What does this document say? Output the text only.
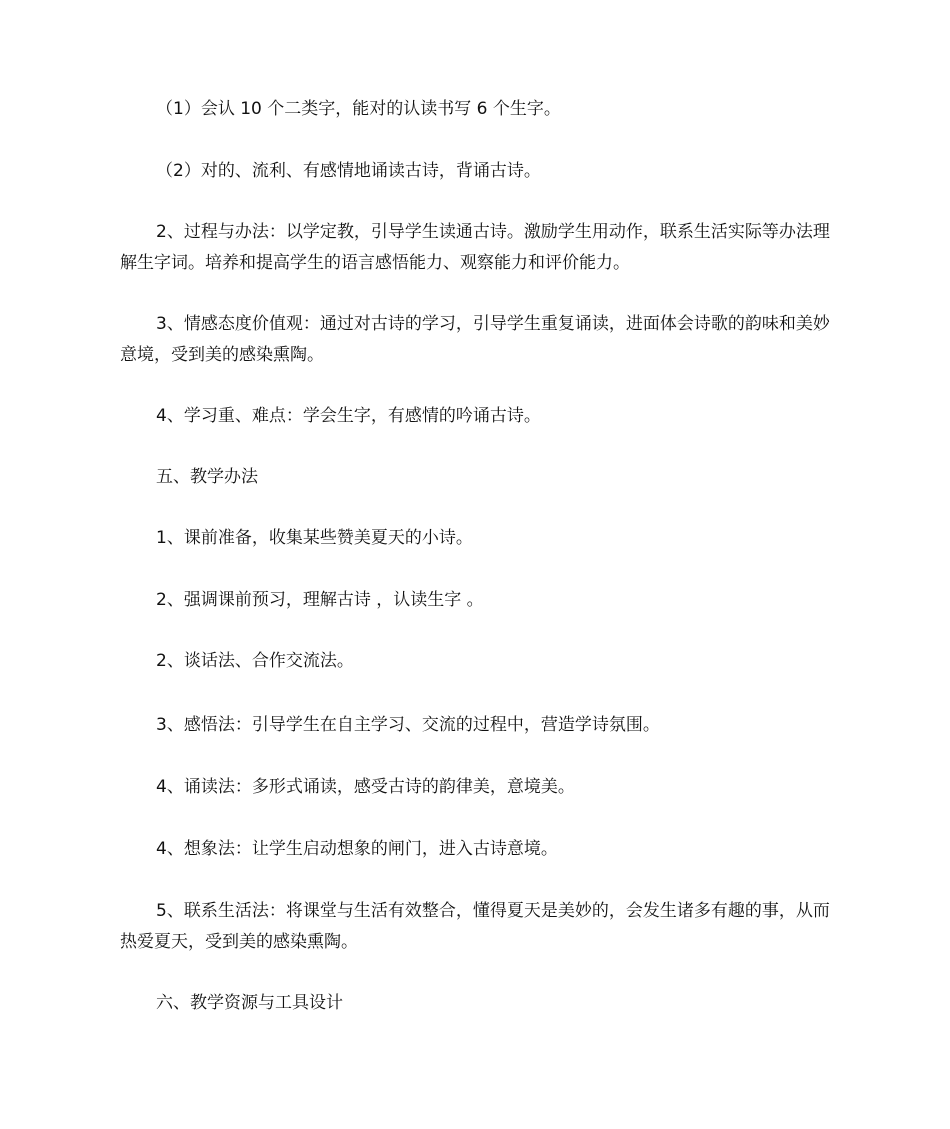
（1）会认 10 个二类字，能对的认读书写 6 个生字。

（2）对的、流利、有感情地诵读古诗，背诵古诗。

2、过程与办法：以学定教，引导学生读通古诗。激励学生用动作，联系生活实际等办法理解生字词。培养和提高学生的语言感悟能力、观察能力和评价能力。

3、情感态度价值观：通过对古诗的学习，引导学生重复诵读，进面体会诗歌的韵味和美妙意境，受到美的感染熏陶。

4、学习重、难点：学会生字，有感情的吟诵古诗。

五、教学办法

1、课前准备，收集某些赞美夏天的小诗。

2、强调课前预习，理解古诗 ，认读生字 。

2、谈话法、合作交流法。

3、感悟法：引导学生在自主学习、交流的过程中，营造学诗氛围。

4、诵读法：多形式诵读，感受古诗的韵律美，意境美。

4、想象法：让学生启动想象的闸门，进入古诗意境。

5、联系生活法：将课堂与生活有效整合，懂得夏天是美妙的，会发生诸多有趣的事，从而热爱夏天，受到美的感染熏陶。

六、教学资源与工具设计
